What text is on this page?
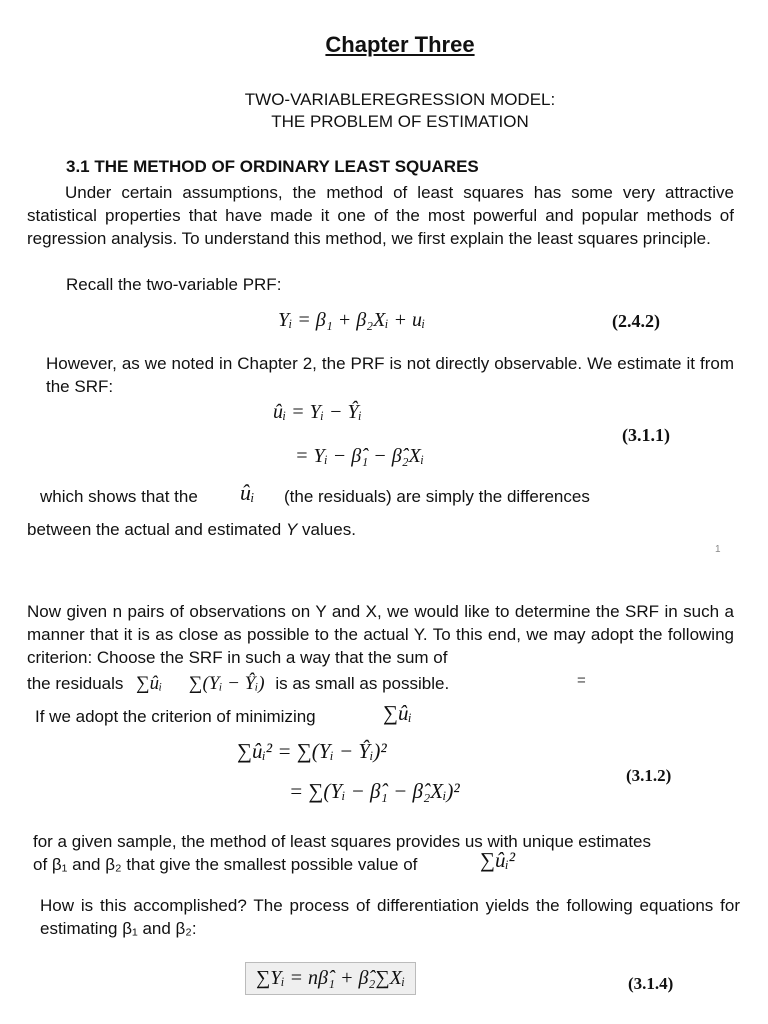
Chapter Three
TWO-VARIABLEREGRESSION MODEL:
THE PROBLEM OF ESTIMATION
3.1 THE METHOD OF ORDINARY LEAST SQUARES
Under certain assumptions, the method of least squares has some very attractive statistical properties that have made it one of the most powerful and popular methods of regression analysis. To understand this method, we first explain the least squares principle.
Recall the two-variable PRF:
Yᵢ = β₁ + β₂Xᵢ + uᵢ	(2.4.2)
However, as we noted in Chapter 2, the PRF is not directly observable. We estimate it from the SRF:
ûᵢ = Yᵢ − Ŷᵢ
= Yᵢ − β̂₁ − β̂₂Xᵢ
(3.1.1)
which shows that the ûᵢ (the residuals) are simply the differences
between the actual and estimated Y values.
1
Now given n pairs of observations on Y and X, we would like to determine the SRF in such a manner that it is as close as possible to the actual Y. To this end, we may adopt the following criterion: Choose the SRF in such a way that the sum of
the residuals ∑ûᵢ ∑(Yᵢ − Ŷᵢ) is as small as possible.	=
If we adopt the criterion of minimizing	∑ûᵢ
∑ûᵢ² = ∑(Yᵢ − Ŷᵢ)²
= ∑(Yᵢ − β̂₁ − β̂₂Xᵢ)²
(3.1.2)
for a given sample, the method of least squares provides us with unique estimates
of β₁ and β₂ that give the smallest possible value of	∑ûᵢ²
How is this accomplished? The process of differentiation yields the following equations for estimating β₁ and β₂:
∑Yᵢ = nβ̂₁ + β̂₂∑Xᵢ	(3.1.4)
